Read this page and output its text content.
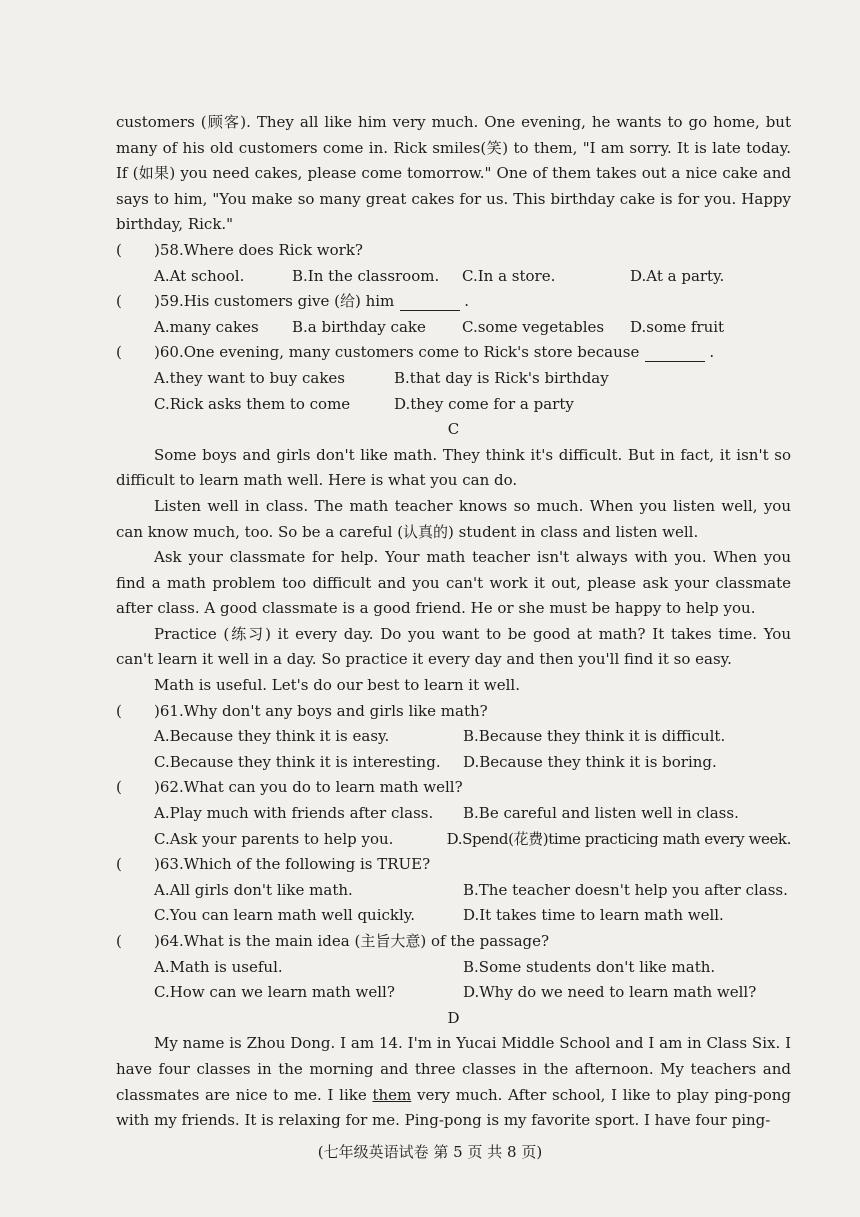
customers (顾客). They all like him very much. One evening, he wants to go home, but many of his old customers come in. Rick smiles(笑) to them, "I am sorry. It is late today. If (如果) you need cakes, please come tomorrow." One of them takes out a nice cake and says to him, "You make so many great cakes for us. This birthday cake is for you. Happy birthday, Rick."

(	)58.Where does Rick work?
A.At school.	B.In the classroom.	C.In a store.	D.At a party.
(	)59.His customers give (给) him	.
A.many cakes	B.a birthday cake	C.some vegetables	D.some fruit
(	)60.One evening, many customers come to Rick's store because	.
A.they want to buy cakes	B.that day is Rick's birthday
C.Rick asks them to come	D.they come for a party

C

Some boys and girls don't like math. They think it's difficult. But in fact, it isn't so difficult to learn math well. Here is what you can do.

Listen well in class. The math teacher knows so much. When you listen well, you can know much, too. So be a careful (认真的) student in class and listen well.

Ask your classmate for help. Your math teacher isn't always with you. When you find a math problem too difficult and you can't work it out, please ask your classmate after class. A good classmate is a good friend. He or she must be happy to help you.

Practice (练习) it every day. Do you want to be good at math? It takes time. You can't learn it well in a day. So practice it every day and then you'll find it so easy.

Math is useful. Let's do our best to learn it well.

(	)61.Why don't any boys and girls like math?
A.Because they think it is easy.	B.Because they think it is difficult.
C.Because they think it is interesting.	D.Because they think it is boring.
(	)62.What can you do to learn math well?
A.Play much with friends after class.	B.Be careful and listen well in class.
C.Ask your parents to help you.	D.Spend(花费)time practicing math every week.
(	)63.Which of the following is TRUE?
A.All girls don't like math.	B.The teacher doesn't help you after class.
C.You can learn math well quickly.	D.It takes time to learn math well.
(	)64.What is the main idea (主旨大意) of the passage?
A.Math is useful.	B.Some students don't like math.
C.How can we learn math well?	D.Why do we need to learn math well?

D

My name is Zhou Dong. I am 14. I'm in Yucai Middle School and I am in Class Six. I have four classes in the morning and three classes in the afternoon. My teachers and classmates are nice to me. I like them very much. After school, I like to play ping-pong with my friends. It is relaxing for me. Ping-pong is my favorite sport. I have four ping-

(七年级英语试卷 第 5 页 共 8 页)
